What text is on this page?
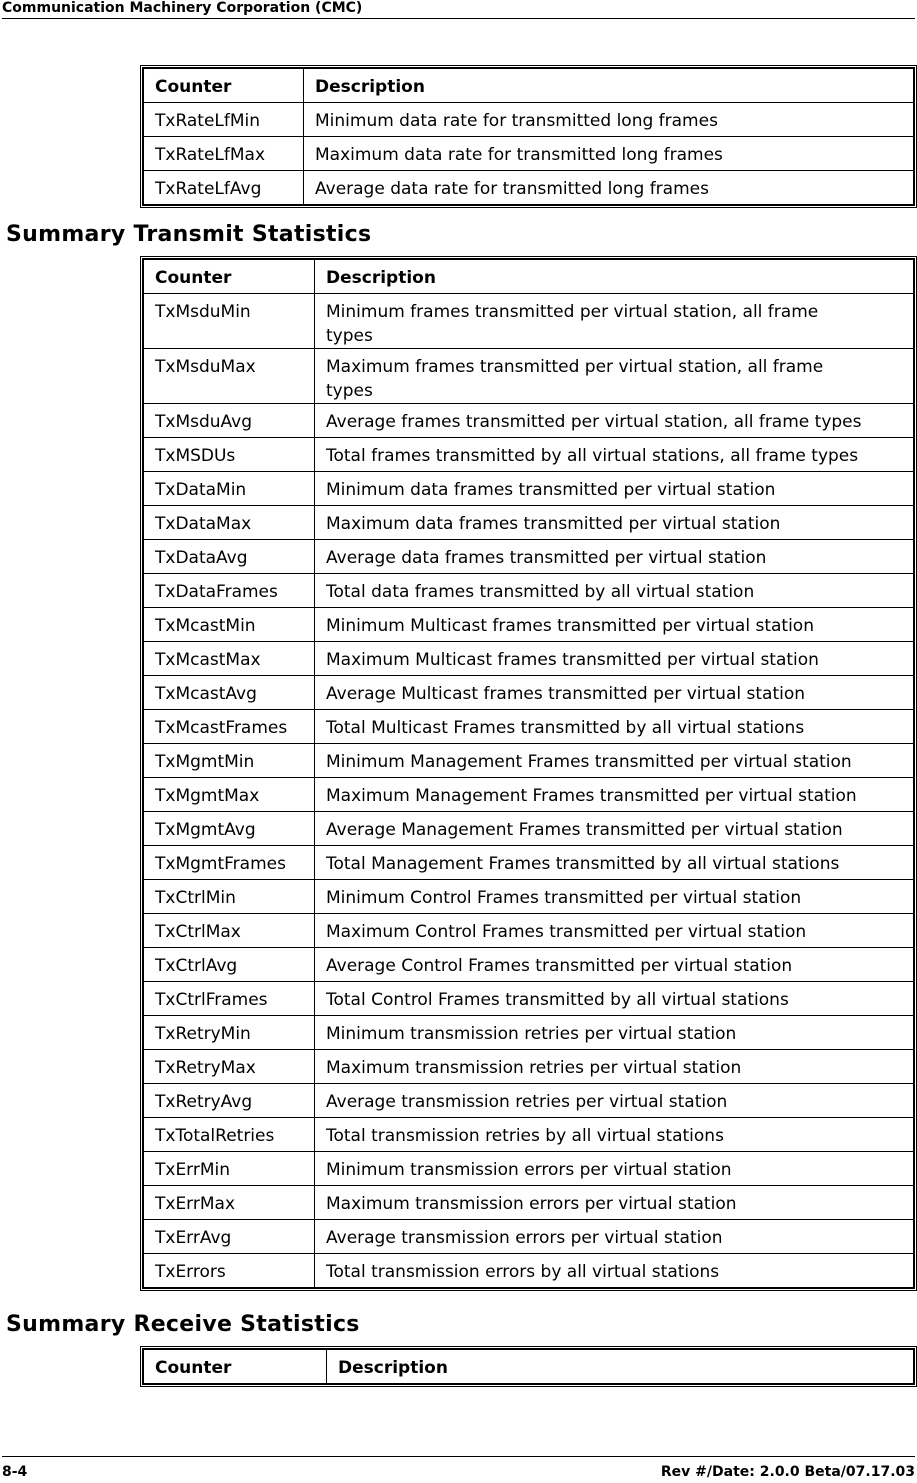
Communication Machinery Corporation (CMC)
Counter	Description
TxRateLfMin	Minimum data rate for transmitted long frames
TxRateLfMax	Maximum data rate for transmitted long frames
TxRateLfAvg	Average data rate for transmitted long frames
Summary Transmit Statistics
Counter	Description
TxMsduMin	Minimum frames transmitted per virtual station, all frame types
TxMsduMax	Maximum frames transmitted per virtual station, all frame types
TxMsduAvg	Average frames transmitted per virtual station, all frame types
TxMSDUs	Total frames transmitted by all virtual stations, all frame types
TxDataMin	Minimum data frames transmitted per virtual station
TxDataMax	Maximum data frames transmitted per virtual station
TxDataAvg	Average data frames transmitted per virtual station
TxDataFrames	Total data frames transmitted by all virtual station
TxMcastMin	Minimum Multicast frames transmitted per virtual station
TxMcastMax	Maximum Multicast frames transmitted per virtual station
TxMcastAvg	Average Multicast frames transmitted per virtual station
TxMcastFrames	Total Multicast Frames transmitted by all virtual stations
TxMgmtMin	Minimum Management Frames transmitted per virtual station
TxMgmtMax	Maximum Management Frames transmitted per virtual station
TxMgmtAvg	Average Management Frames transmitted per virtual station
TxMgmtFrames	Total Management Frames transmitted by all virtual stations
TxCtrlMin	Minimum Control Frames transmitted per virtual station
TxCtrlMax	Maximum Control Frames transmitted per virtual station
TxCtrlAvg	Average Control Frames transmitted per virtual station
TxCtrlFrames	Total Control Frames transmitted by all virtual stations
TxRetryMin	Minimum transmission retries per virtual station
TxRetryMax	Maximum transmission retries per virtual station
TxRetryAvg	Average transmission retries per virtual station
TxTotalRetries	Total transmission retries by all virtual stations
TxErrMin	Minimum transmission errors per virtual station
TxErrMax	Maximum transmission errors per virtual station
TxErrAvg	Average transmission errors per virtual station
TxErrors	Total transmission errors by all virtual stations
Summary Receive Statistics
Counter	Description
8-4	Rev #/Date: 2.0.0 Beta/07.17.03
